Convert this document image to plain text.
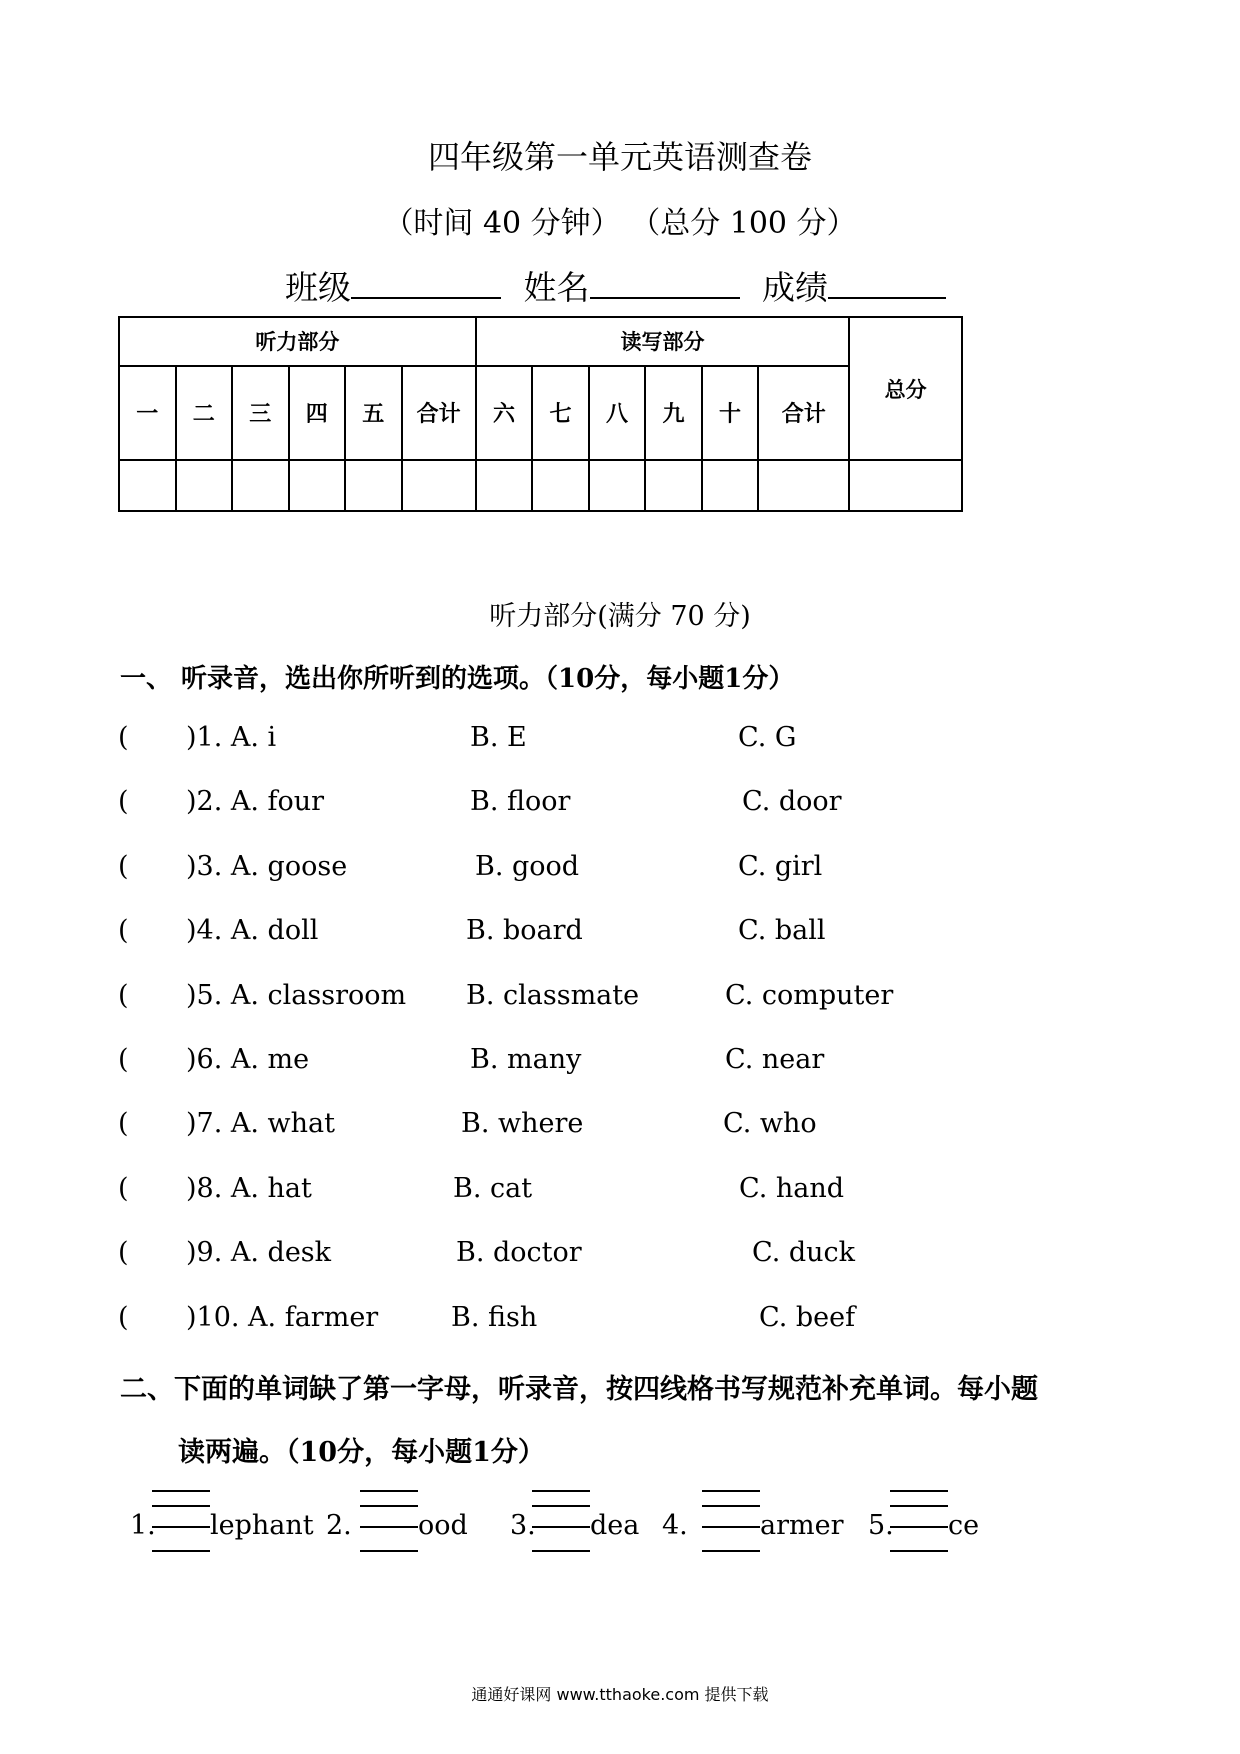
四年级第一单元英语测查卷
（时间 40 分钟） （总分 100 分）
班级	姓名	成绩
听力部分						读写部分						总分
一	二	三	四	五	合计	六	七	八	九	十	合计	

听力部分(满分 70 分)
一、 听录音，选出你所听到的选项。（10分，每小题1分）
( )1. A. i	B. E	C. G
( )2. A. four	B. floor	C. door
( )3. A. goose	B. good	C. girl
( )4. A. doll	B. board	C. ball
( )5. A. classroom B. classmate	C. computer
( )6. A. me	B. many	C. near
( )7. A. what	B. where	C. who
( )8. A. hat	B. cat	C. hand
( )9. A. desk	B. doctor	C. duck
( )10. A. farmer	B. fish	C. beef
二、下面的单词缺了第一字母，听录音，按四线格书写规范补充单词。每小题
读两遍。（10分，每小题1分）
1. lephant 2. ood 3. dea 4.	armer 5. ce
通通好课网 www.tthaoke.com 提供下载
